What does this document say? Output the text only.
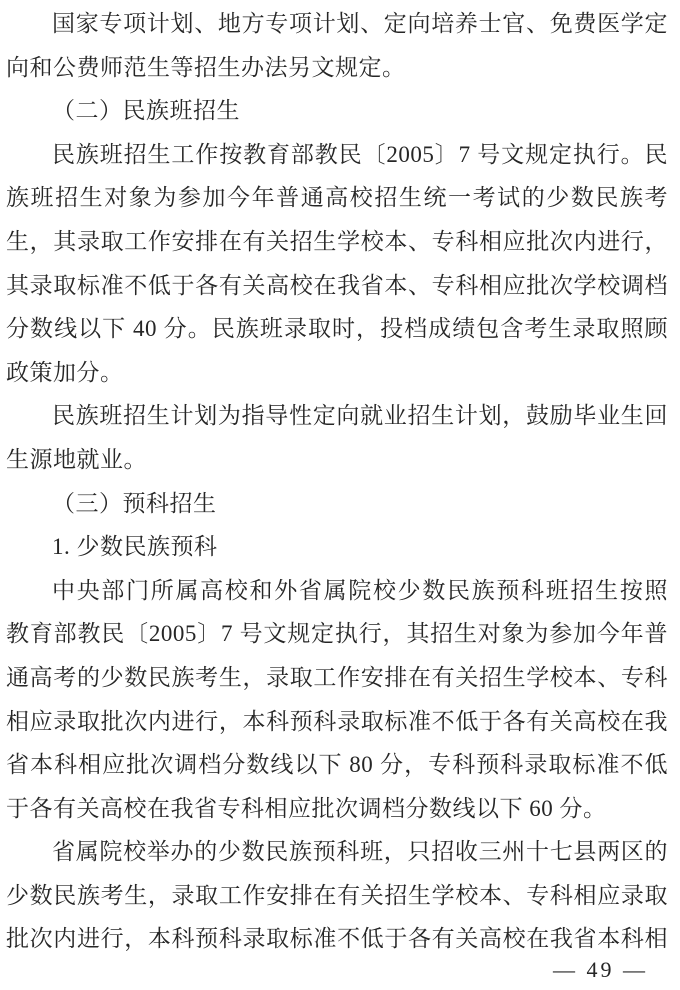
国家专项计划、地方专项计划、定向培养士官、免费医学定
向和公费师范生等招生办法另文规定。
（二）民族班招生
民族班招生工作按教育部教民〔2005〕7 号文规定执行。民
族班招生对象为参加今年普通高校招生统一考试的少数民族考
生，其录取工作安排在有关招生学校本、专科相应批次内进行，
其录取标准不低于各有关高校在我省本、专科相应批次学校调档
分数线以下 40 分。民族班录取时，投档成绩包含考生录取照顾
政策加分。
民族班招生计划为指导性定向就业招生计划，鼓励毕业生回
生源地就业。
（三）预科招生
1. 少数民族预科
中央部门所属高校和外省属院校少数民族预科班招生按照
教育部教民〔2005〕7 号文规定执行，其招生对象为参加今年普
通高考的少数民族考生，录取工作安排在有关招生学校本、专科
相应录取批次内进行，本科预科录取标准不低于各有关高校在我
省本科相应批次调档分数线以下 80 分，专科预科录取标准不低
于各有关高校在我省专科相应批次调档分数线以下 60 分。
省属院校举办的少数民族预科班，只招收三州十七县两区的
少数民族考生，录取工作安排在有关招生学校本、专科相应录取
批次内进行，本科预科录取标准不低于各有关高校在我省本科相
— 49 —
